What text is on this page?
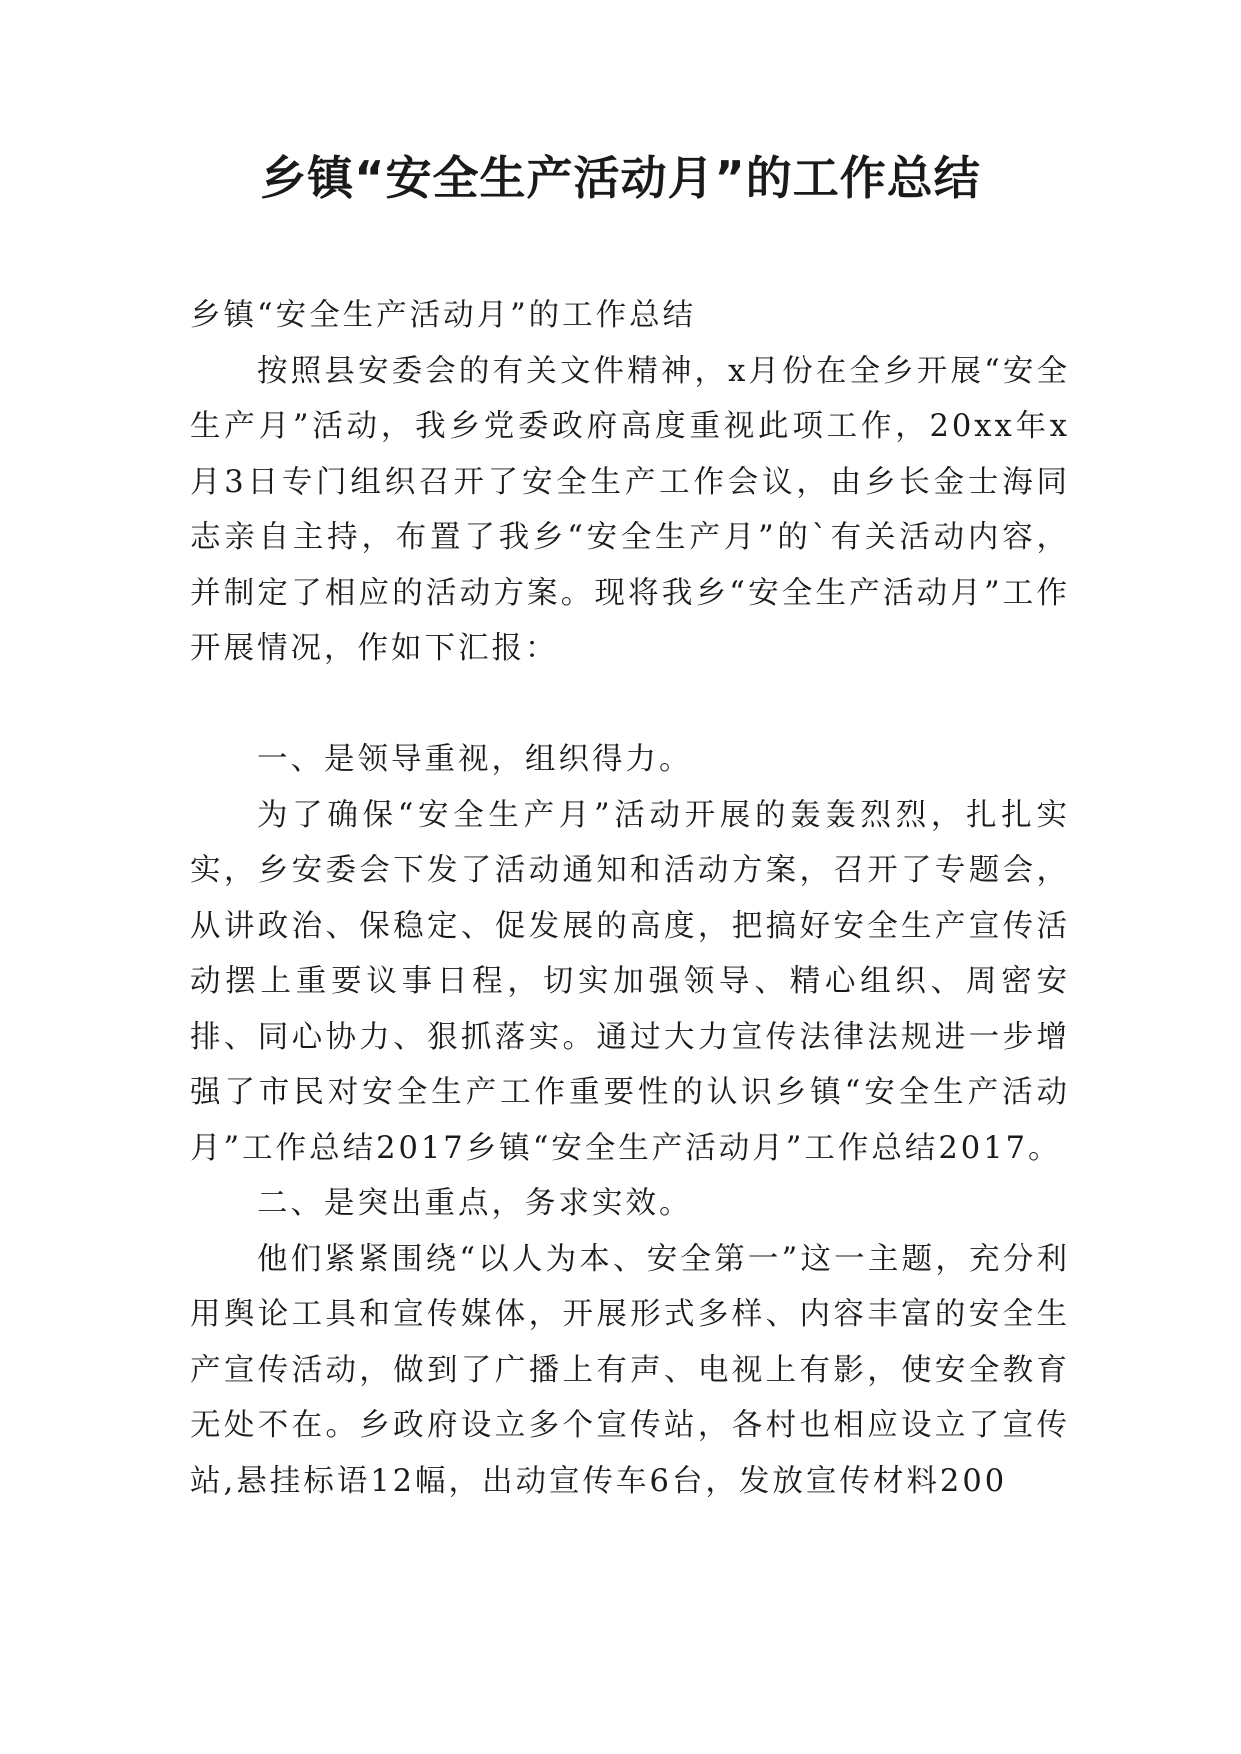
乡镇“安全生产活动月”的工作总结

乡镇“安全生产活动月”的工作总结

按照县安委会的有关文件精神，x月份在全乡开展“安全生产月”活动，我乡党委政府高度重视此项工作，20xx年x月3日专门组织召开了安全生产工作会议，由乡长金士海同志亲自主持，布置了我乡“安全生产月”的`有关活动内容，并制定了相应的活动方案。现将我乡“安全生产活动月”工作开展情况，作如下汇报：

一、是领导重视，组织得力。

为了确保“安全生产月”活动开展的轰轰烈烈，扎扎实实，乡安委会下发了活动通知和活动方案，召开了专题会，从讲政治、保稳定、促发展的高度，把搞好安全生产宣传活动摆上重要议事日程，切实加强领导、精心组织、周密安排、同心协力、狠抓落实。通过大力宣传法律法规进一步增强了市民对安全生产工作重要性的认识乡镇“安全生产活动月”工作总结2017乡镇“安全生产活动月”工作总结2017。

二、是突出重点，务求实效。

他们紧紧围绕“以人为本、安全第一”这一主题，充分利用舆论工具和宣传媒体，开展形式多样、内容丰富的安全生产宣传活动，做到了广播上有声、电视上有影，使安全教育无处不在。乡政府设立多个宣传站，各村也相应设立了宣传站,悬挂标语12幅，出动宣传车6台，发放宣传材料200
